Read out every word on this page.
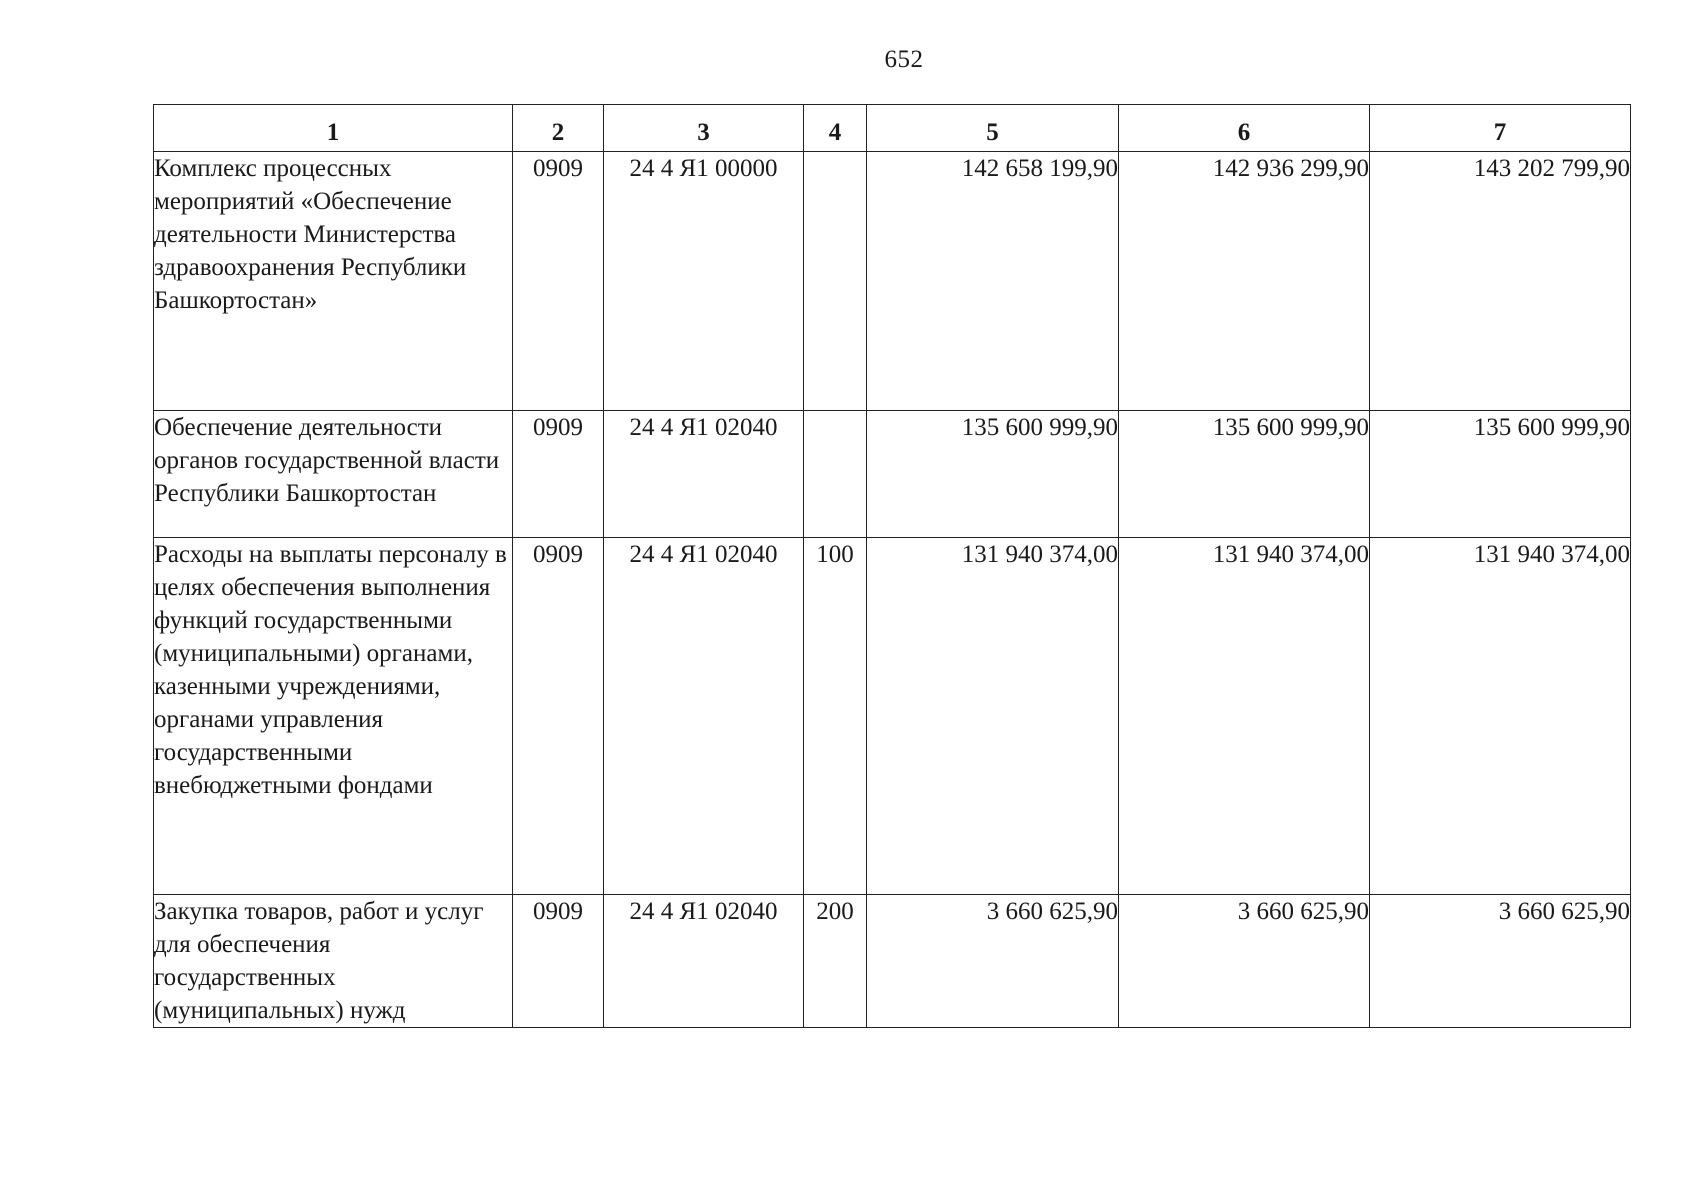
652
1	2	3	4	5	6	7
Комплекс процессных мероприятий «Обеспечение деятельности Министерства здравоохранения Республики Башкортостан»	0909	24 4 Я1 00000		142 658 199,90	142 936 299,90	143 202 799,90
Обеспечение деятельности органов государственной власти Республики Башкортостан	0909	24 4 Я1 02040		135 600 999,90	135 600 999,90	135 600 999,90
Расходы на выплаты персоналу в целях обеспечения выполнения функций государственными (муниципальными) органами, казенными учреждениями, органами управления государственными внебюджетными фондами	0909	24 4 Я1 02040	100	131 940 374,00	131 940 374,00	131 940 374,00
Закупка товаров, работ и услуг для обеспечения государственных (муниципальных) нужд	0909	24 4 Я1 02040	200	3 660 625,90	3 660 625,90	3 660 625,90
